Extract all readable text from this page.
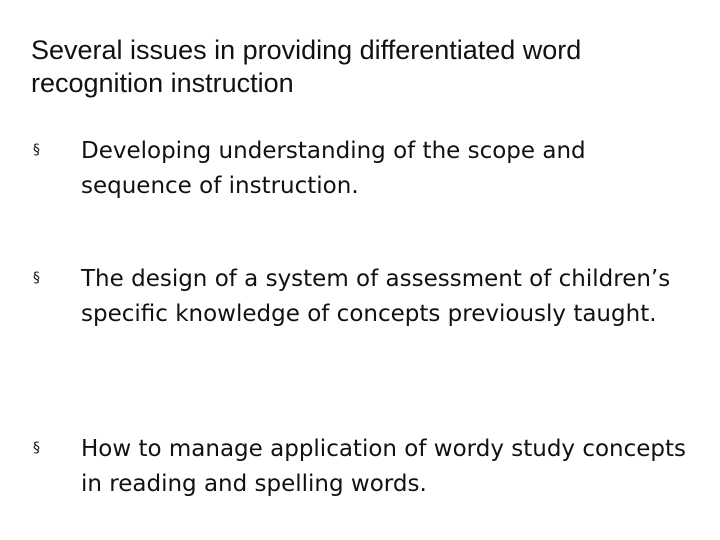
Several issues in providing differentiated word recognition instruction
§ Developing understanding of the scope and sequence of instruction.
§ The design of a system of assessment of children’s specific knowledge of concepts previously taught.
§ How to manage application of wordy study concepts in reading and spelling words.
